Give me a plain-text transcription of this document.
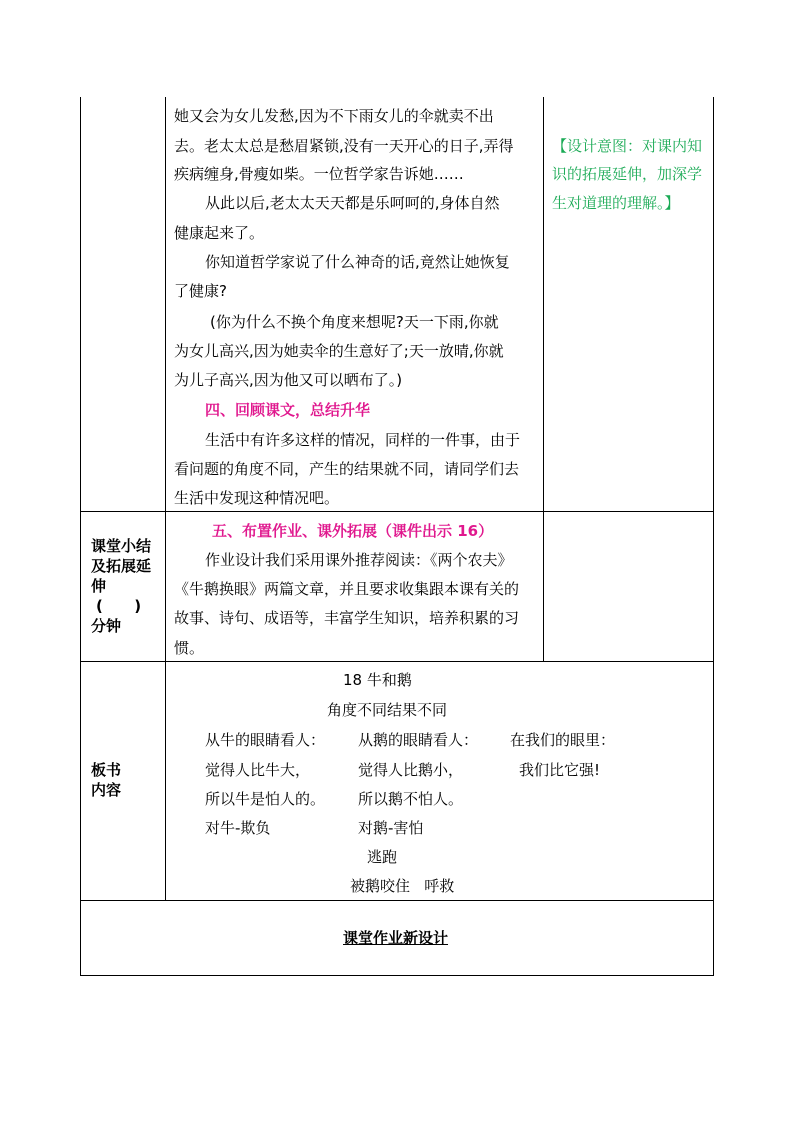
她又会为女儿发愁,因为不下雨女儿的伞就卖不出
去。老太太总是愁眉紧锁,没有一天开心的日子,弄得
疾病缠身,骨瘦如柴。一位哲学家告诉她……
从此以后,老太太天天都是乐呵呵的,身体自然
健康起来了。
你知道哲学家说了什么神奇的话,竟然让她恢复
了健康?
(你为什么不换个角度来想呢?天一下雨,你就
为女儿高兴,因为她卖伞的生意好了;天一放晴,你就
为儿子高兴,因为他又可以晒布了。)
【设计意图：对课内知
识的拓展延伸，加深学
生对道理的理解。】
四、回顾课文，总结升华
生活中有许多这样的情况，同样的一件事，由于
看问题的角度不同，产生的结果就不同，请同学们去
生活中发现这种情况吧。
课堂小结
及拓展延
伸
(      )
分钟
五、布置作业、课外拓展（课件出示 16）
作业设计我们采用课外推荐阅读：《两个农夫》
《牛鹅换眼》两篇文章，并且要求收集跟本课有关的
故事、诗句、成语等，丰富学生知识，培养积累的习
惯。
板书
内容
18 牛和鹅
角度不同结果不同
从牛的眼睛看人：
觉得人比牛大，
所以牛是怕人的。
对牛-欺负
从鹅的眼睛看人：
觉得人比鹅小，
所以鹅不怕人。
对鹅-害怕
在我们的眼里：
我们比它强!
逃跑
被鹅咬住   呼救
课堂作业新设计
